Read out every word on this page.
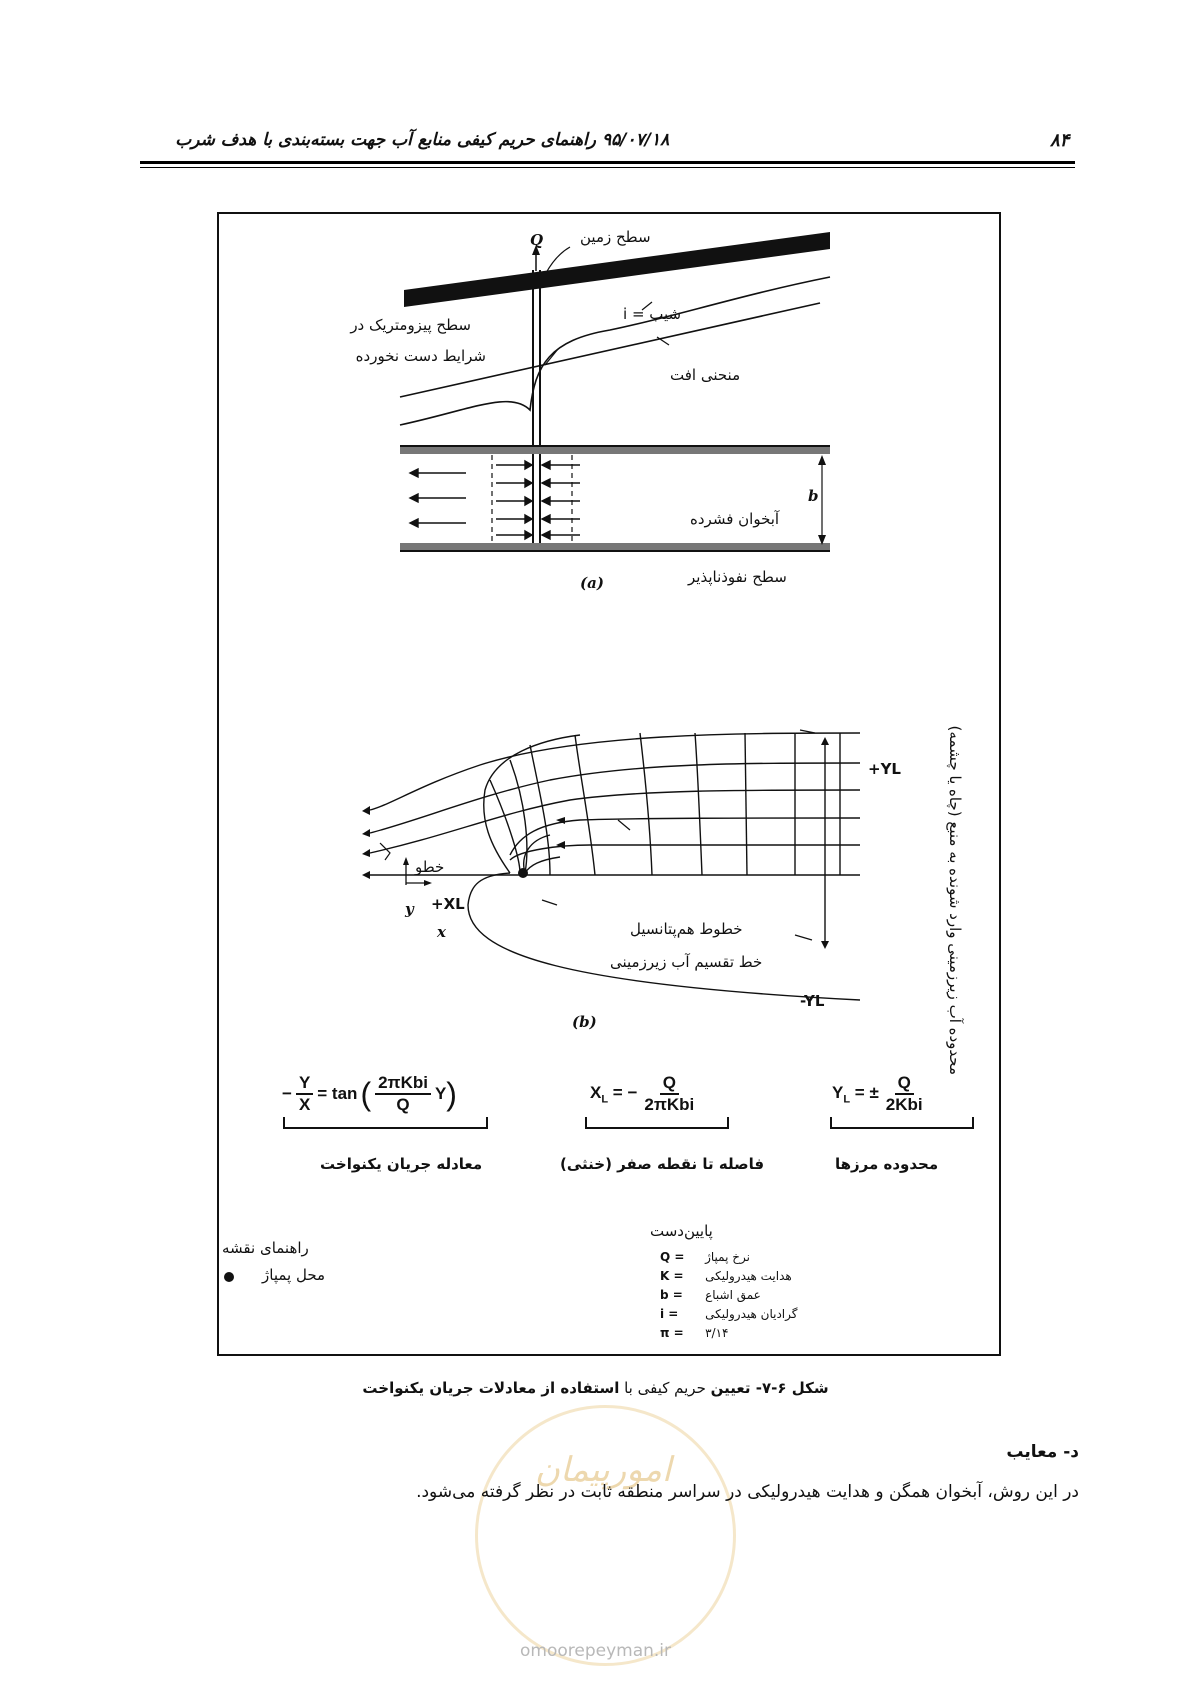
۸۴
۹۵/۰۷/۱۸
راهنمای حریم کیفی منابع آب جهت بسته‌بندی با هدف شرب
Q سطح زمین
شیب = i
سطح پیزومتریک در
شرایط دست نخورده
منحنی افت
b
آبخوان فشرده
(a)	سطح نفوذناپذیر
+YL
-YL
+XL
y
x
خطو
خطوط هم‌پتانسیل
خط تقسیم آب زیرزمینی
(b)	محدوده آب زیرزمینی وارد شونده به منبع (چاه یا چشمه)
− $\frac{Y}{X} = \tan$ ( $\frac{\text{2πKbi}}{Q}$ Y )	$X_L$ = − $\frac{Q}{\text{2πKbi}}$	$Y_L$ = ± $\frac{Q}{\text{2Kbi}}$
معادله جریان یکنواخت	فاصله تا نقطه صفر (خنثی)	محدوده مرزها
پایین‌دست
راهنمای نقشه
محل پمپاژ
Q = نرخ پمپاژ
K = هدایت هیدرولیکی
b = عمق اشباع
i = گرادیان هیدرولیکی
π = ۳/۱۴
شکل ۶-۷- تعیین حریم کیفی با استفاده از معادلات جریان یکنواخت
امورپیمان
omoorepeyman.ir
د- معایب
در این روش، آبخوان همگن و هدایت هیدرولیکی در سراسر منطقه ثابت در نظر گرفته می‌شود.
